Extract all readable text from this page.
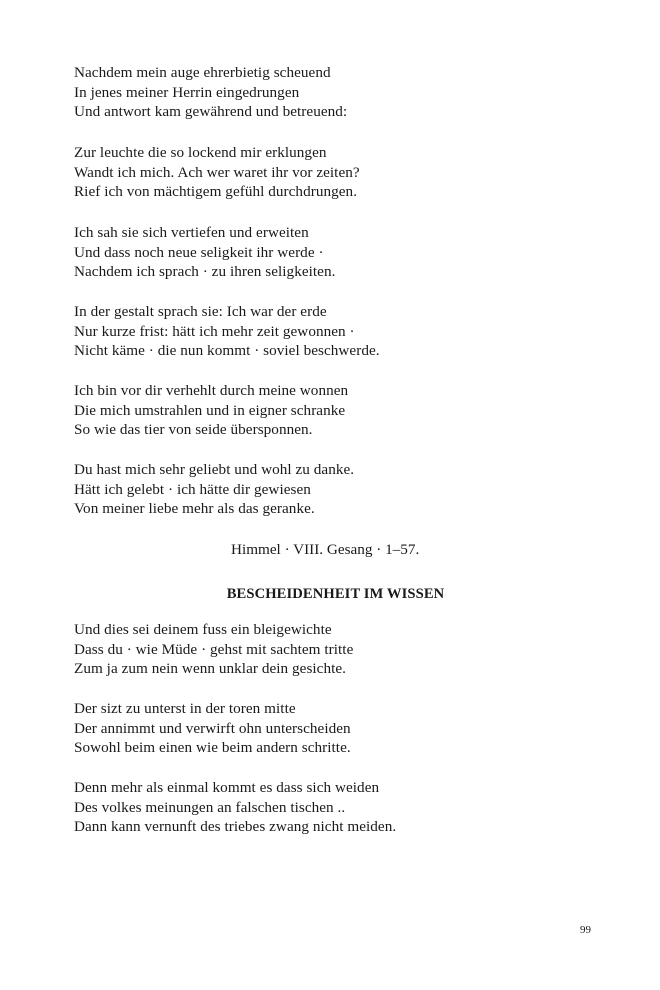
Nachdem mein auge ehrerbietig scheuend
In jenes meiner Herrin eingedrungen
Und antwort kam gewährend und betreuend:
Zur leuchte die so lockend mir erklungen
Wandt ich mich. Ach wer waret ihr vor zeiten?
Rief ich von mächtigem gefühl durchdrungen.
Ich sah sie sich vertiefen und erweiten
Und dass noch neue seligkeit ihr werde ·
Nachdem ich sprach · zu ihren seligkeiten.
In der gestalt sprach sie: Ich war der erde
Nur kurze frist: hätt ich mehr zeit gewonnen ·
Nicht käme · die nun kommt · soviel beschwerde.
Ich bin vor dir verhehlt durch meine wonnen
Die mich umstrahlen und in eigner schranke
So wie das tier von seide übersponnen.
Du hast mich sehr geliebt und wohl zu danke.
Hätt ich gelebt · ich hätte dir gewiesen
Von meiner liebe mehr als das geranke.
Himmel · VIII. Gesang · 1–57.
BESCHEIDENHEIT IM WISSEN
Und dies sei deinem fuss ein bleigewichte
Dass du · wie Müde · gehst mit sachtem tritte
Zum ja zum nein wenn unklar dein gesichte.
Der sizt zu unterst in der toren mitte
Der annimmt und verwirft ohn unterscheiden
Sowohl beim einen wie beim andern schritte.
Denn mehr als einmal kommt es dass sich weiden
Des volkes meinungen an falschen tischen ..
Dann kann vernunft des triebes zwang nicht meiden.
99
